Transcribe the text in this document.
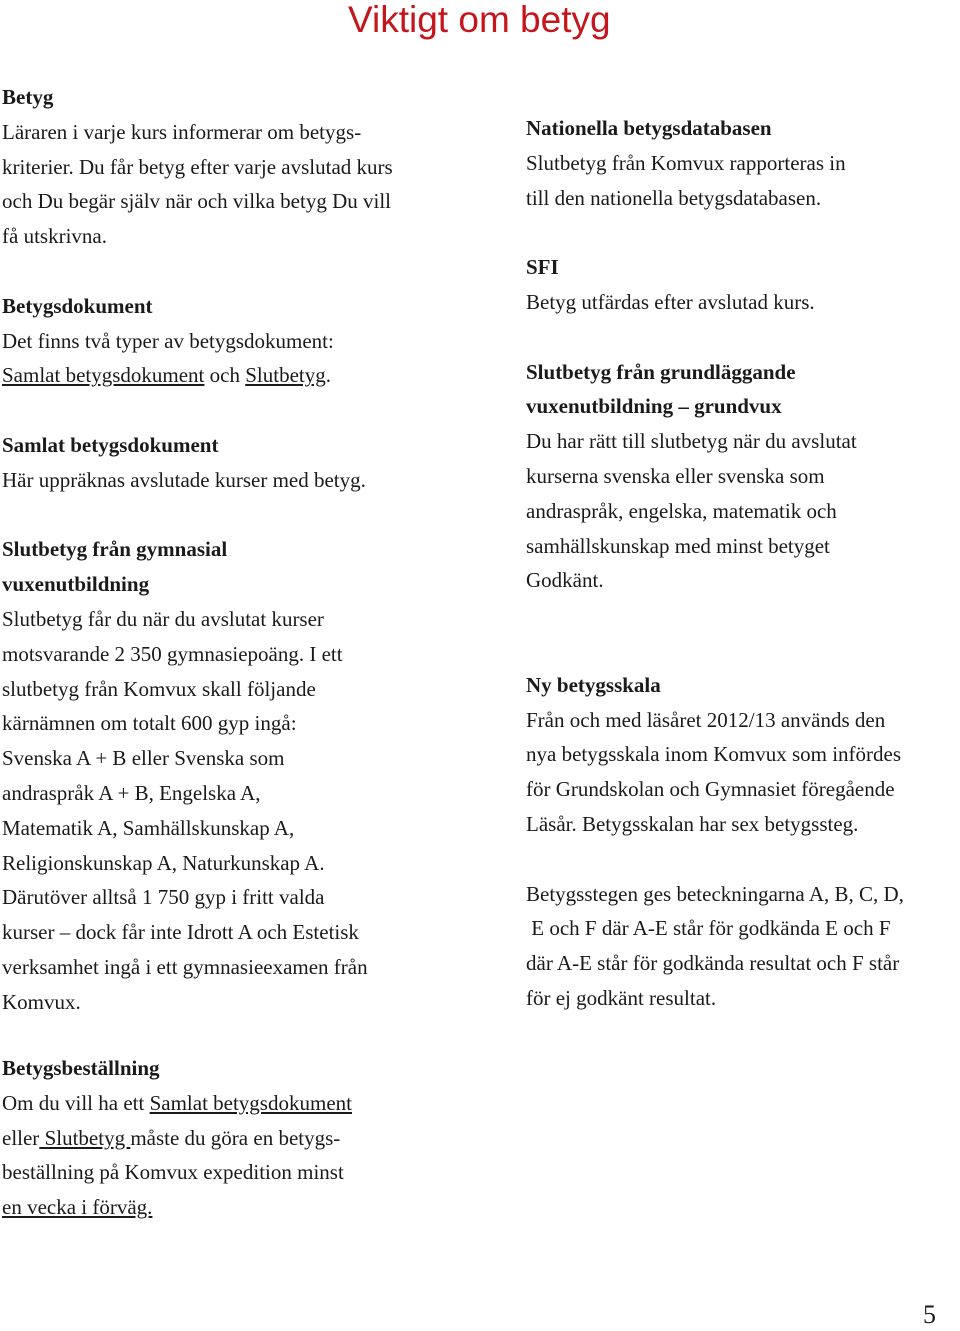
Viktigt om betyg
Betyg
Läraren i varje kurs informerar om betygs-
kriterier. Du får betyg efter varje avslutad kurs
och Du begär själv när och vilka betyg Du vill
få utskrivna.
Betygsdokument
Det finns två typer av betygsdokument:
Samlat betygsdokument och Slutbetyg.
Samlat betygsdokument
Här uppräknas avslutade kurser med betyg.
Slutbetyg från gymnasial
vuxenutbildning
Slutbetyg får du när du avslutat kurser
motsvarande 2 350 gymnasiepoäng. I ett
slutbetyg från Komvux skall följande
kärnämnen om totalt 600 gyp ingå:
Svenska A + B eller Svenska som
andraspråk A + B, Engelska A,
Matematik A, Samhällskunskap A,
Religionskunskap A, Naturkunskap A.
Därutöver alltså 1 750 gyp i fritt valda
kurser – dock får inte Idrott A och Estetisk
verksamhet ingå i ett gymnasieexamen från
Komvux.
Nationella betygsdatabasen
Slutbetyg från Komvux rapporteras in
till den nationella betygsdatabasen.
SFI
Betyg utfärdas efter avslutad kurs.
Slutbetyg från grundläggande
vuxenutbildning – grundvux
Du har rätt till slutbetyg när du avslutat
kurserna svenska eller svenska som
andraspråk, engelska, matematik och
samhällskunskap med minst betyget
Godkänt.
Ny betygsskala
Från och med läsåret 2012/13 används den
nya betygsskala inom Komvux som infördes
för Grundskolan och Gymnasiet föregående
Läsår. Betygsskalan har sex betygssteg.
Betygsstegen ges beteckningarna A, B, C, D,
E och F där A-E står för godkända E och F
där A-E står för godkända resultat och F står
för ej godkänt resultat.
Betygsbeställning
Om du vill ha ett Samlat betygsdokument
eller Slutbetyg måste du göra en betygs-
beställning på Komvux expedition minst
en vecka i förväg.
5
